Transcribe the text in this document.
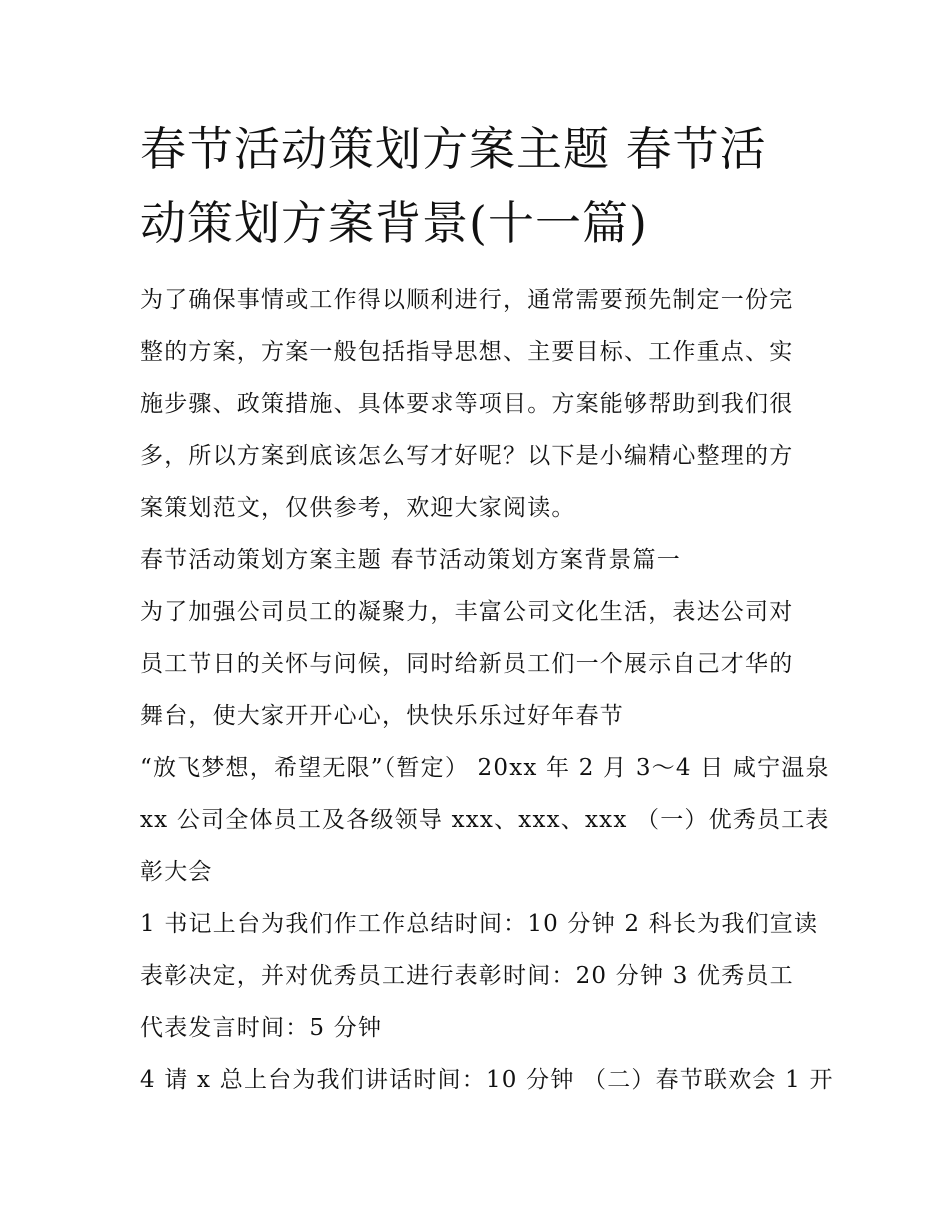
春节活动策划方案主题 春节活
动策划方案背景(十一篇)

为了确保事情或工作得以顺利进行，通常需要预先制定一份完
整的方案，方案一般包括指导思想、主要目标、工作重点、实
施步骤、政策措施、具体要求等项目。方案能够帮助到我们很
多，所以方案到底该怎么写才好呢？以下是小编精心整理的方
案策划范文，仅供参考，欢迎大家阅读。

春节活动策划方案主题 春节活动策划方案背景篇一

为了加强公司员工的凝聚力，丰富公司文化生活，表达公司对
员工节日的关怀与问候，同时给新员工们一个展示自己才华的
舞台，使大家开开心心，快快乐乐过好年春节

“放飞梦想，希望无限”（暂定） 20xx 年 2 月 3～4 日 咸宁温泉
xx 公司全体员工及各级领导 xxx、xxx、xxx （一）优秀员工表
彰大会

1 书记上台为我们作工作总结时间：10 分钟 2 科长为我们宣读
表彰决定，并对优秀员工进行表彰时间：20 分钟 3 优秀员工
代表发言时间：5 分钟

4 请 x 总上台为我们讲话时间：10 分钟 （二）春节联欢会 1 开
